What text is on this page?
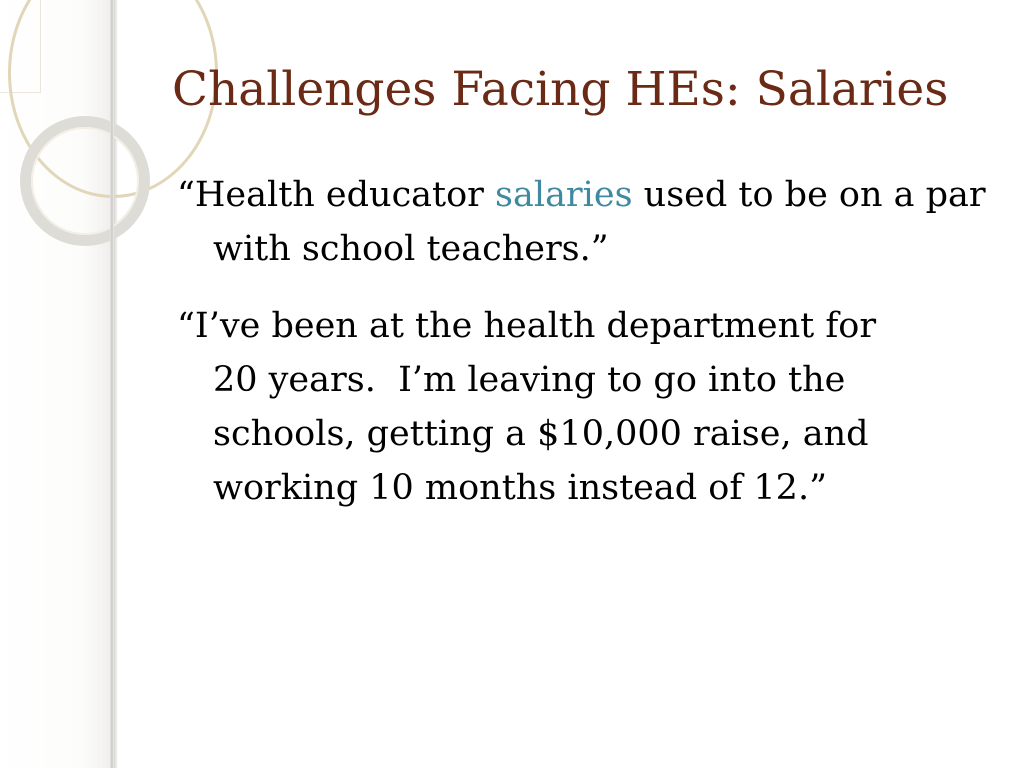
Challenges Facing HEs: Salaries

“Health educator salaries used to be on a par with school teachers.”

“I’ve been at the health department for
20 years.  I’m leaving to go into the
schools, getting a $10,000 raise, and
working 10 months instead of 12.”
